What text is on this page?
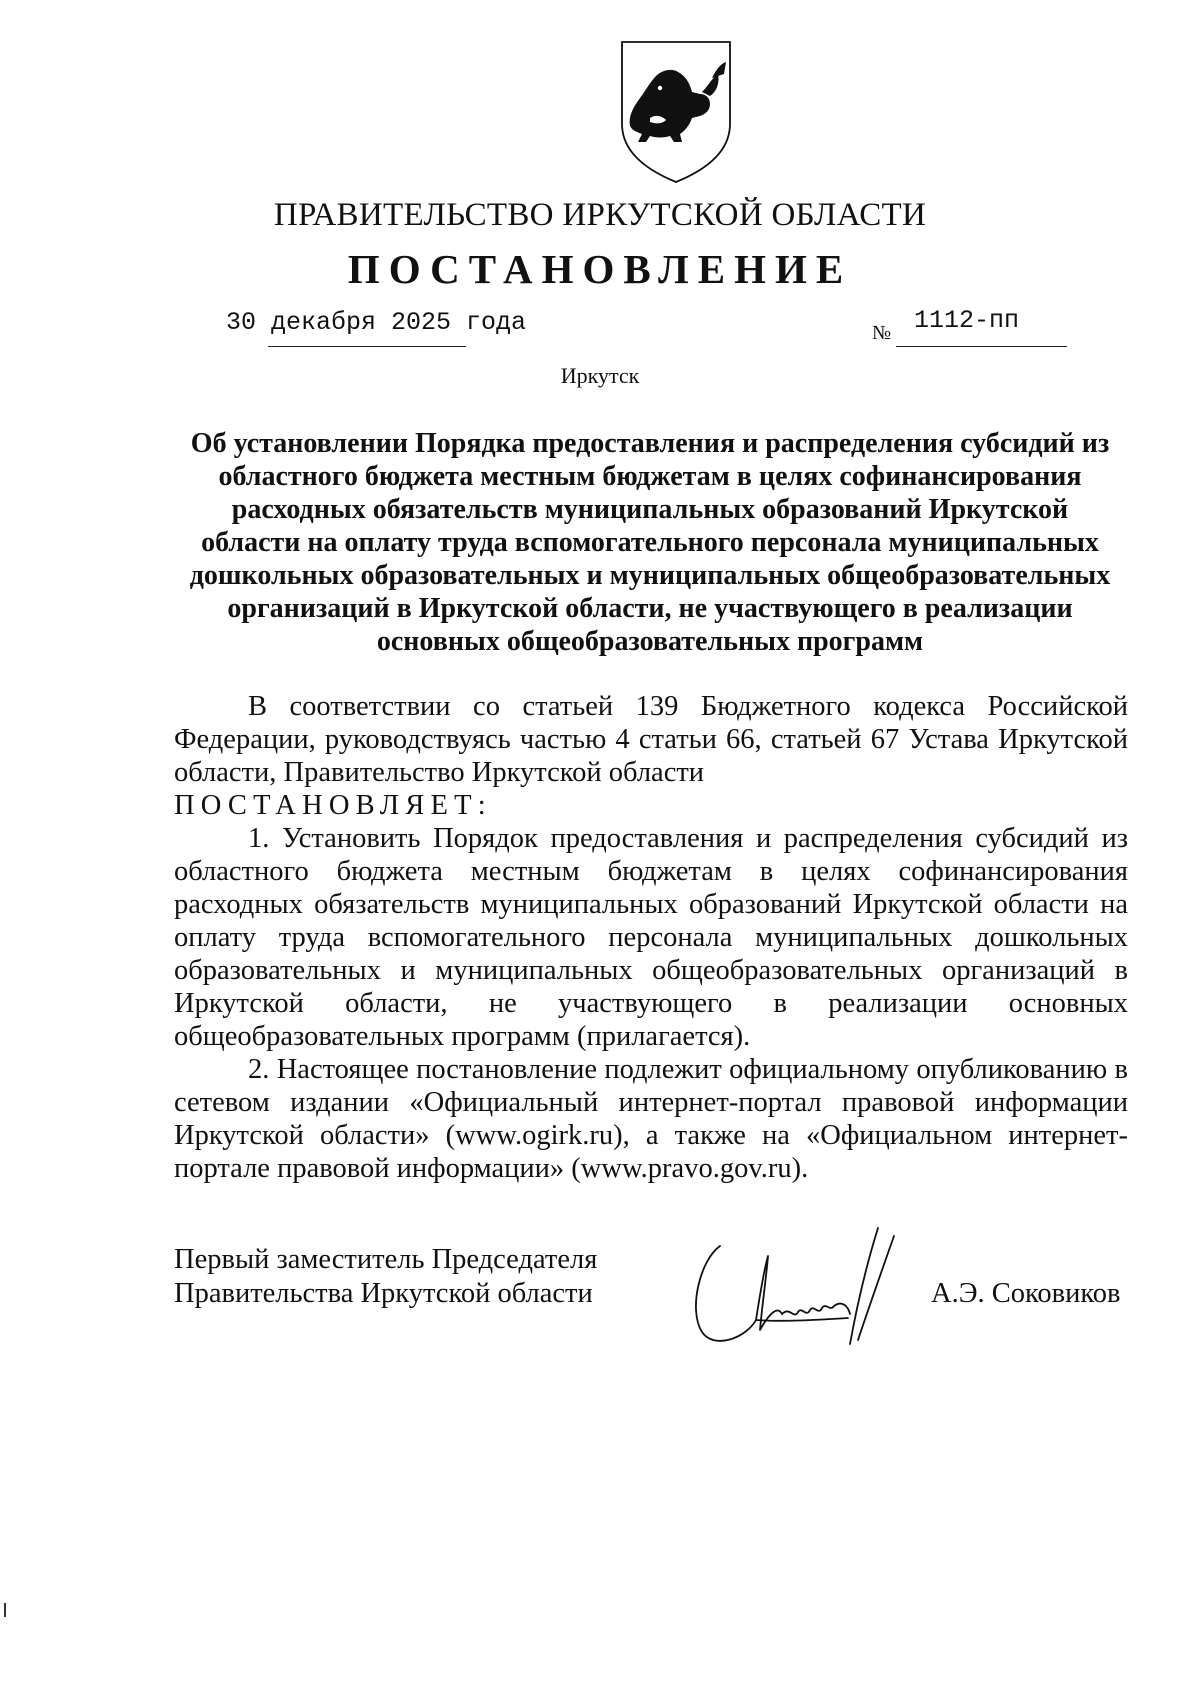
ПРАВИТЕЛЬСТВО ИРКУТСКОЙ ОБЛАСТИ
ПОСТАНОВЛЕНИЕ
30 декабря 2025 года	№ 1112-пп
Иркутск
Об установлении Порядка предоставления и распределения субсидий из
областного бюджета местным бюджетам в целях софинансирования
расходных обязательств муниципальных образований Иркутской
области на оплату труда вспомогательного персонала муниципальных
дошкольных образовательных и муниципальных общеобразовательных
организаций в Иркутской области, не участвующего в реализации
основных общеобразовательных программ

В соответствии со статьей 139 Бюджетного кодекса Российской Федерации, руководствуясь частью 4 статьи 66, статьей 67 Устава Иркутской области, Правительство Иркутской области

ПОСТАНОВЛЯЕТ:

1. Установить Порядок предоставления и распределения субсидий из областного бюджета местным бюджетам в целях софинансирования расходных обязательств муниципальных образований Иркутской области на оплату труда вспомогательного персонала муниципальных дошкольных образовательных и муниципальных общеобразовательных организаций в Иркутской области, не участвующего в реализации основных общеобразовательных программ (прилагается).

2. Настоящее постановление подлежит официальному опубликованию в сетевом издании «Официальный интернет-портал правовой информации Иркутской области» (www.ogirk.ru), а также на «Официальном интернет-портале правовой информации» (www.pravo.gov.ru).

Первый заместитель Председателя
Правительства Иркутской области	А.Э. Соковиков
